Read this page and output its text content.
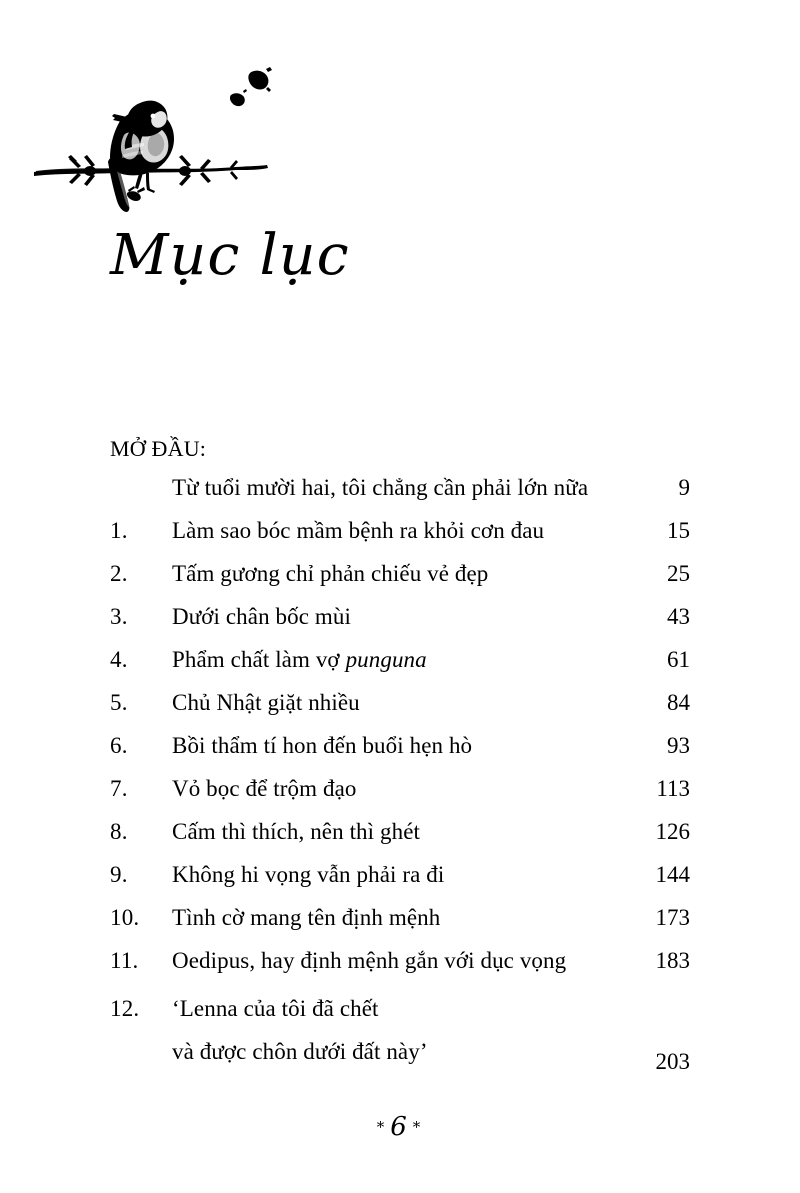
Mục lục
MỞ ĐẦU:
Từ tuổi mười hai, tôi chẳng cần phải lớn nữa	9
1.	Làm sao bóc mầm bệnh ra khỏi cơn đau	15
2.	Tấm gương chỉ phản chiếu vẻ đẹp	25
3.	Dưới chân bốc mùi	43
4.	Phẩm chất làm vợ punguna	61
5.	Chủ Nhật giặt nhiều	84
6.	Bồi thẩm tí hon đến buổi hẹn hò	93
7.	Vỏ bọc để trộm đạo	113
8.	Cấm thì thích, nên thì ghét	126
9.	Không hi vọng vẫn phải ra đi	144
10.	Tình cờ mang tên định mệnh	173
11.	Oedipus, hay định mệnh gắn với dục vọng	183
12.	‘Lenna của tôi đã chết
và được chôn dưới đất này’	203
* 6 *
